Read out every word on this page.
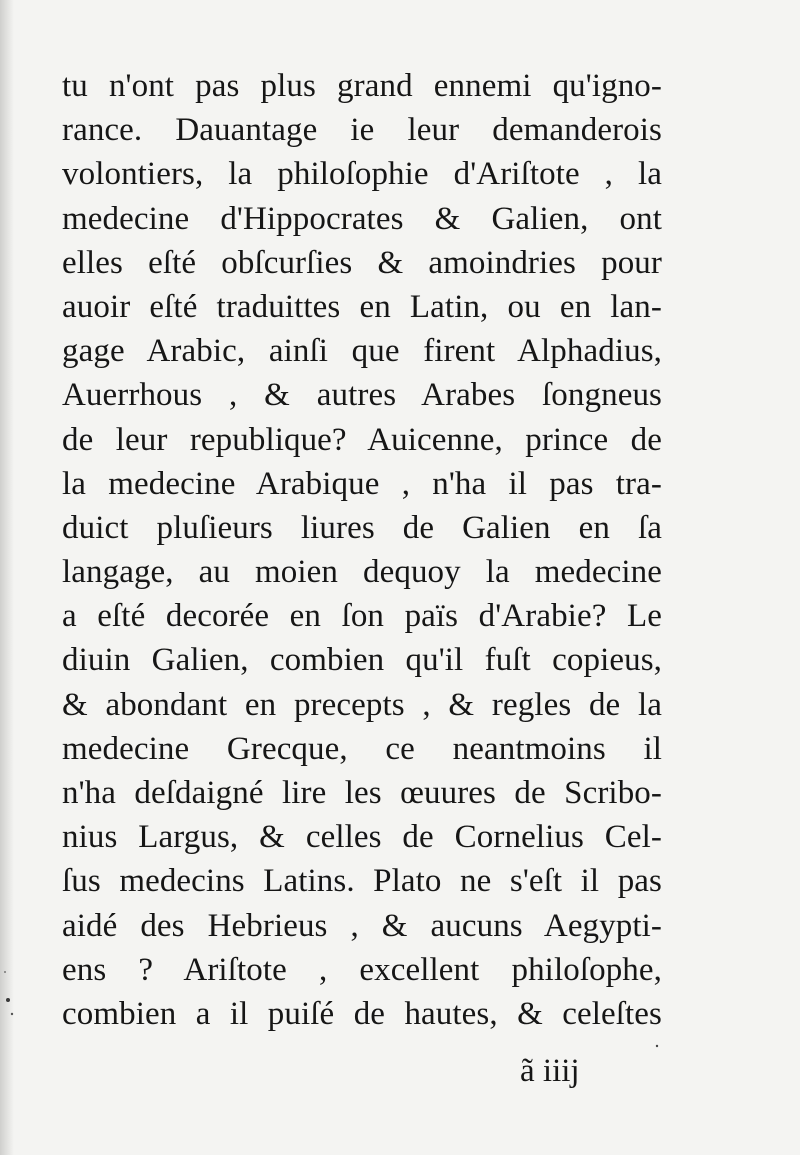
tu n'ont pas plus grand ennemi qu'igno-
rance. Dauantage ie leur demanderois
volontiers, la philoſophie d'Ariſtote , la
medecine d'Hippocrates & Galien, ont
elles eſté obſcurſies & amoindries pour
auoir eſté traduittes en Latin, ou en lan-
gage Arabic, ainſi que firent Alphadius,
Auerrhous , & autres Arabes ſongneus
de leur republique? Auicenne, prince de
la medecine Arabique , n'ha il pas tra-
duict pluſieurs liures de Galien en ſa
langage, au moien dequoy la medecine
a eſté decorée en ſon païs d'Arabie? Le
diuin Galien, combien qu'il fuſt copieus,
& abondant en precepts , & regles de la
medecine Grecque, ce neantmoins il
n'ha deſdaigné lire les œuures de Scribo-
nius Largus, & celles de Cornelius Cel-
ſus medecins Latins. Plato ne s'eſt il pas
aidé des Hebrieus , & aucuns Aegypti-
ens ? Ariſtote , excellent philoſophe,
combien a il puiſé de hautes, & celeſtes
ã iiij
